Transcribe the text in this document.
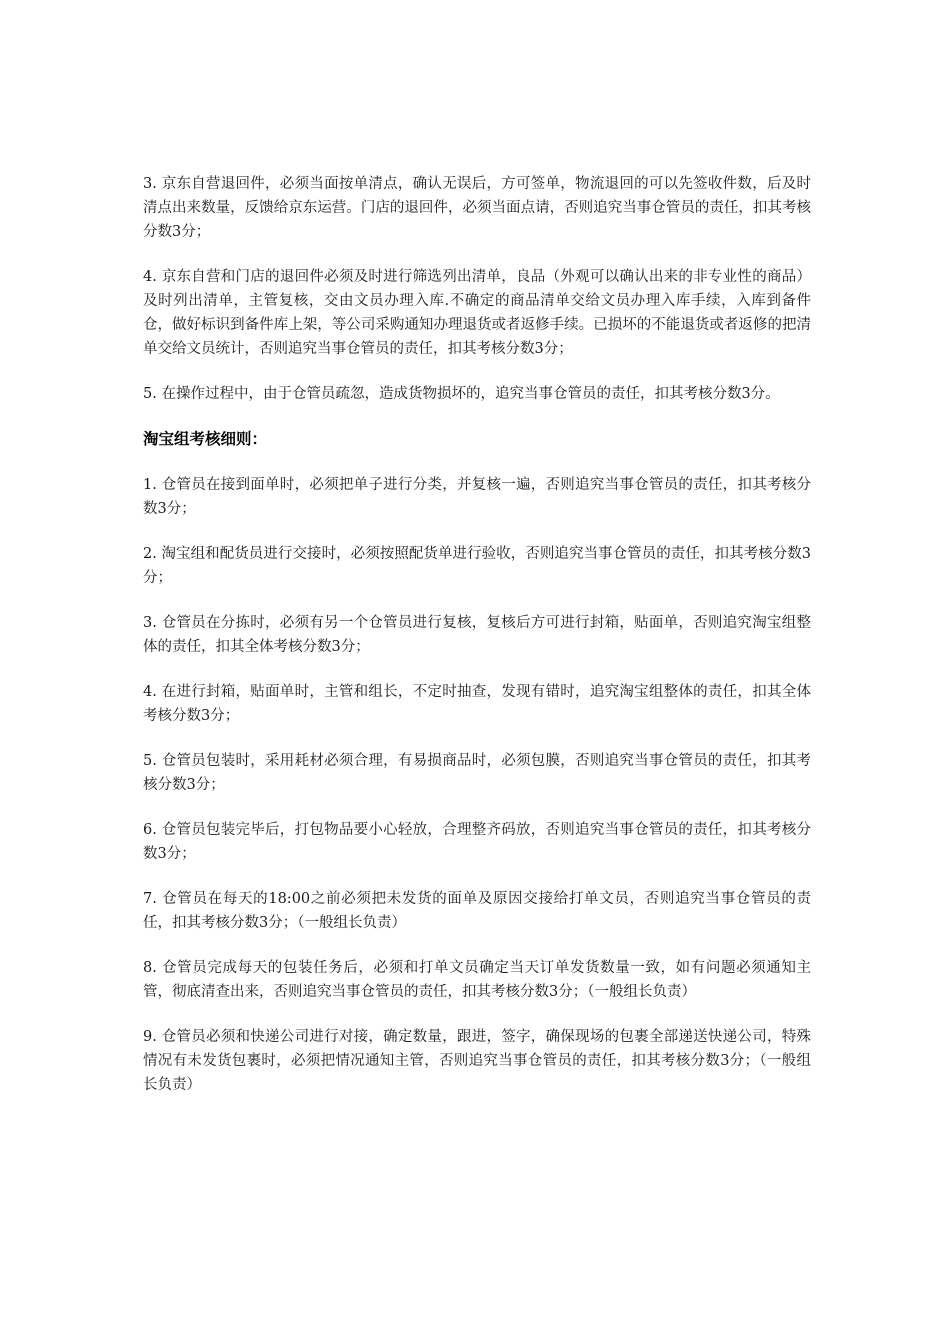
3. 京东自营退回件，必须当面按单清点，确认无误后，方可签单，物流退回的可以先签收件数，后及时清点出来数量，反馈给京东运营。门店的退回件，必须当面点请，否则追究当事仓管员的责任，扣其考核分数3分；

4. 京东自营和门店的退回件必须及时进行筛选列出清单，良品（外观可以确认出来的非专业性的商品）及时列出清单，主管复核，交由文员办理入库.不确定的商品清单交给文员办理入库手续，入库到备件仓，做好标识到备件库上架，等公司采购通知办理退货或者返修手续。已损坏的不能退货或者返修的把清单交给文员统计，否则追究当事仓管员的责任，扣其考核分数3分；

5. 在操作过程中，由于仓管员疏忽，造成货物损坏的，追究当事仓管员的责任，扣其考核分数3分。

淘宝组考核细则：

1. 仓管员在接到面单时，必须把单子进行分类，并复核一遍，否则追究当事仓管员的责任，扣其考核分数3分；

2. 淘宝组和配货员进行交接时，必须按照配货单进行验收，否则追究当事仓管员的责任，扣其考核分数3分；

3. 仓管员在分拣时，必须有另一个仓管员进行复核，复核后方可进行封箱，贴面单，否则追究淘宝组整体的责任，扣其全体考核分数3分；

4. 在进行封箱，贴面单时，主管和组长，不定时抽查，发现有错时，追究淘宝组整体的责任，扣其全体考核分数3分；

5. 仓管员包装时，采用耗材必须合理，有易损商品时，必须包膜，否则追究当事仓管员的责任，扣其考核分数3分；

6. 仓管员包装完毕后，打包物品要小心轻放，合理整齐码放，否则追究当事仓管员的责任，扣其考核分数3分；

7. 仓管员在每天的18:00之前必须把未发货的面单及原因交接给打单文员，否则追究当事仓管员的责任，扣其考核分数3分；（一般组长负责）

8. 仓管员完成每天的包装任务后，必须和打单文员确定当天订单发货数量一致，如有问题必须通知主管，彻底清查出来，否则追究当事仓管员的责任，扣其考核分数3分；（一般组长负责）

9. 仓管员必须和快递公司进行对接，确定数量，跟进，签字，确保现场的包裹全部递送快递公司，特殊情况有未发货包裹时，必须把情况通知主管，否则追究当事仓管员的责任，扣其考核分数3分；（一般组长负责）
